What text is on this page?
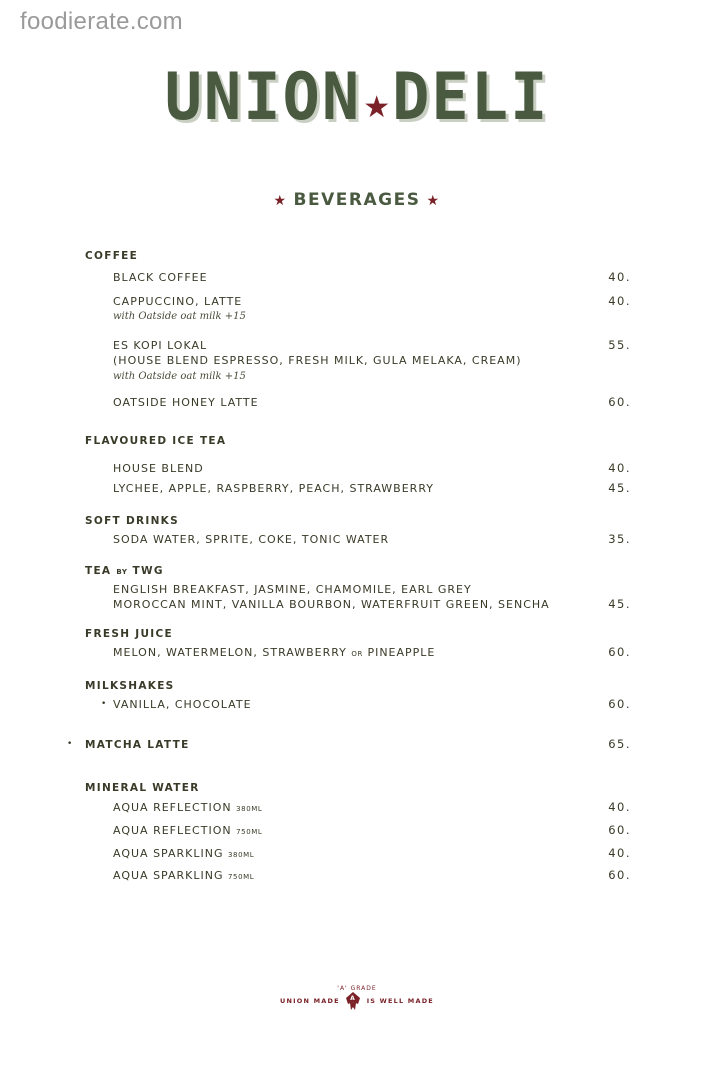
foodierate.com
UNION★DELI
★ BEVERAGES ★
COFFEE
BLACK COFFEE	40.
CAPPUCCINO, LATTE	40.
with Oatside oat milk +15
ES KOPI LOKAL	55.
(HOUSE BLEND ESPRESSO, FRESH MILK, GULA MELAKA, CREAM)
with Oatside oat milk +15
OATSIDE HONEY LATTE	60.
FLAVOURED ICE TEA
HOUSE BLEND	40.
LYCHEE, APPLE, RASPBERRY, PEACH, STRAWBERRY	45.
SOFT DRINKS
SODA WATER, SPRITE, COKE, TONIC WATER	35.
TEA BY TWG
ENGLISH BREAKFAST, JASMINE, CHAMOMILE, EARL GREY
MOROCCAN MINT, VANILLA BOURBON, WATERFRUIT GREEN, SENCHA	45.
FRESH JUICE
MELON, WATERMELON, STRAWBERRY OR PINEAPPLE	60.
MILKSHAKES
• VANILLA, CHOCOLATE	60.
• MATCHA LATTE	65.
MINERAL WATER
AQUA REFLECTION 380ML	40.
AQUA REFLECTION 750ML	60.
AQUA SPARKLING 380ML	40.
AQUA SPARKLING 750ML	60.
'A' GRADE
UNION MADE A IS WELL MADE
